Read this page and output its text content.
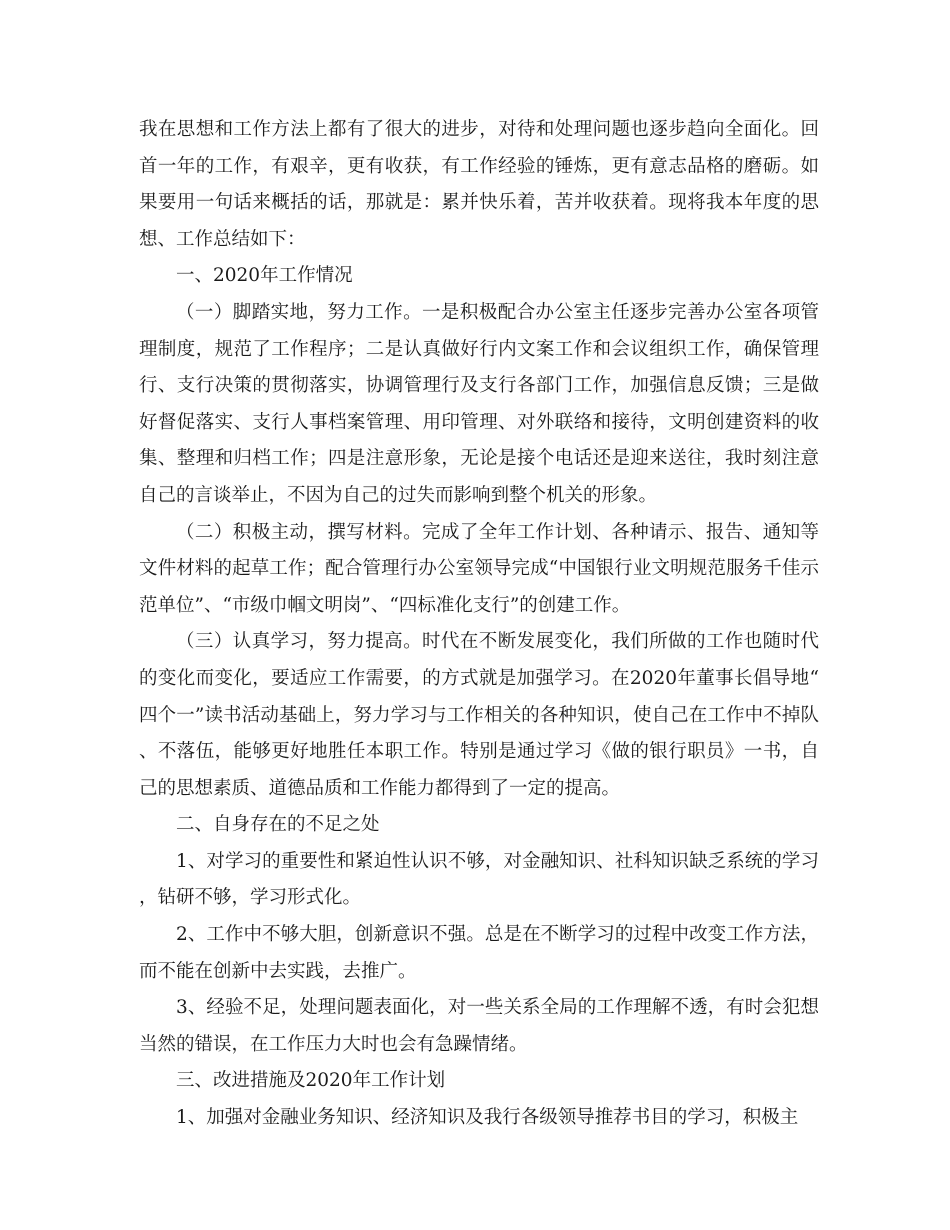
我在思想和工作方法上都有了很大的进步，对待和处理问题也逐步趋向全面化。回首一年的工作，有艰辛，更有收获，有工作经验的锤炼，更有意志品格的磨砺。如果要用一句话来概括的话，那就是：累并快乐着，苦并收获着。现将我本年度的思想、工作总结如下：

一、2020年工作情况

（一）脚踏实地，努力工作。一是积极配合办公室主任逐步完善办公室各项管理制度，规范了工作程序；二是认真做好行内文案工作和会议组织工作，确保管理行、支行决策的贯彻落实，协调管理行及支行各部门工作，加强信息反馈；三是做好督促落实、支行人事档案管理、用印管理、对外联络和接待，文明创建资料的收集、整理和归档工作；四是注意形象，无论是接个电话还是迎来送往，我时刻注意自己的言谈举止，不因为自己的过失而影响到整个机关的形象。

（二）积极主动，撰写材料。完成了全年工作计划、各种请示、报告、通知等文件材料的起草工作；配合管理行办公室领导完成“中国银行业文明规范服务千佳示范单位”、“市级巾帼文明岗”、“四标准化支行”的创建工作。

（三）认真学习，努力提高。时代在不断发展变化，我们所做的工作也随时代的变化而变化，要适应工作需要，的方式就是加强学习。在2020年董事长倡导地“四个一”读书活动基础上，努力学习与工作相关的各种知识，使自己在工作中不掉队、不落伍，能够更好地胜任本职工作。特别是通过学习《做的银行职员》一书，自己的思想素质、道德品质和工作能力都得到了一定的提高。

二、自身存在的不足之处

1、对学习的重要性和紧迫性认识不够，对金融知识、社科知识缺乏系统的学习，钻研不够，学习形式化。

2、工作中不够大胆，创新意识不强。总是在不断学习的过程中改变工作方法，而不能在创新中去实践，去推广。

3、经验不足，处理问题表面化，对一些关系全局的工作理解不透，有时会犯想当然的错误，在工作压力大时也会有急躁情绪。

三、改进措施及2020年工作计划

1、加强对金融业务知识、经济知识及我行各级领导推荐书目的学习，积极主
